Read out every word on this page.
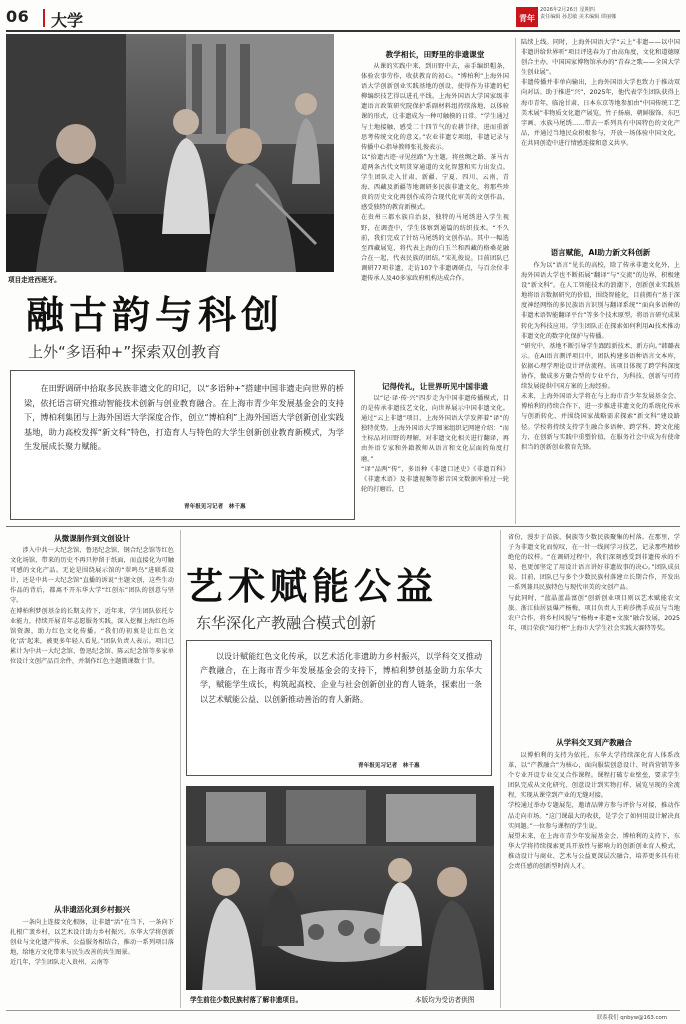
06 大学	青年
2026年2月26日 星期四
责任编辑 孙思敏 美术编辑 谭丽娜
项目走进西班牙。
融古韵与科创
上外“多语种+”探索双创教育
在田野调研中拾取多民族非遗文化的印记，以“多语种+”搭建中国非遗走向世界的桥梁，依托语言研究推动智能技术创新与创业教育融合。在上海市青少年发展基金会的支持下，博柏利集团与上海外国语大学深度合作，创立“博柏利”上海外国语大学创新创业实践基地，助力高校发挥“新文科”特色，打造育人与特色的大学生创新创业教育新模式，为学生发展成长聚力赋能。
青年报见习记者　林千惠
教学相长，田野里的非遗课堂
从课的实践中来，到田野中去，亲手编织帽条，体验农事劳作，收获教育的初心。“博柏利”上海外国语大学创新创业实践基地的创设，使得作为非遗的杞柳编织技艺得以进孔平线。上海外国语大学国家级非遗语言政策研究院保护系副材料组持续落地，以体验课的形式，让非遗成为一种可触摸的日常。“学生通过与土地接触，感受二十四节气的农耕节律，进而重新思考传统文化的意义。”农业非遗专项组，非遗记录与传播中心指导教师张礼俊表示。
以“拾遗古迹·寻见丝路”为主题，将丝绸之路、茶马古道两条古代文明贯穿通道的文化智慧和实力出发点。学生团队走入甘肃、新疆、宁夏、四川、云南、青海、西藏及新疆等地调研多民族非遗文化，将那些珍贵的历史文化再创作成符合现代化审美的文创作品，感受独特的教育新模式。
在贵州三都水族自治县，独特的马尾绣进入学生视野，在调查中，学生体察到通篇的纺织技术。“不久前，我们完成了针纺马尾绣的文创作品。其中一幅选至西藏展览，将代表上海的白玉兰和西藏的格桑花融合在一起，代表民族的团结。”宋礼俊说。目前团队已调研77项非遗，走访107个非遗调研点，与百余位非遗传承人及40多家政府机构达成合作。
记得传礼，让世界听见中国非遗
以“记·译·传·兴”四步走为中国非遗传播模式，目的是传承非遗技艺文化，向世界展示中国非遗文化。通过“云上非遗”项目，上海外国语大学发挥着“译”的独特优势。上海外国语大学图案组织记网建介绍：“而主标品对田野的理解，对非遗文化相关进行翻译，再由外语专家和外籍教师从语言和文化层面的角度打磨。”
“译”品两“传”，多语种《非遗口述史》《非遗百科》《非遗术语》及非遗视频等影音国文数据库验过一轮轮的打磨后，已
陆续上线。同时，上海外国语大学“云上”非遗——以中国非遗讲给世界听”项目评选春为了由高角度，文化和道德原创合主办，中国国家博物馆承办的“青春之歌——全国大学生创业展”。
非遗传播并非单向输出，上海外国语大学也致力于推动双向对话。助于推进“兴”，2025年，他代表学生团队获得上海市青年，临沧甘肃，日本东京等地参加由“中国传统工艺美术展”非物质文化遗产展览，竹子扬扇、朝鲜服饰、东巴字画、水族马尾绣……带去一系列具有中国特色的文化产品，并通过当地民众积极参与，开放一场体验中国文化，在共同创造中进行情感连接和意义共享。
语言赋能，AI助力新文科创新
作为以“语言”见长的高校，除了传承非遗文化外，上海外国语大学也不断拓展“翻译”与“交流”的边界，积极建设“新文科”。在人工智能技术的浪潮下，创新创业实践基地将语言数据研究的价值，围绕智能化，目前拥有“基于深度神经网络的多民族语言识别与翻译系统”“面向多语种的非遗术语智能翻译平台”等多个技术原型，将语言研究成果转化为科技应用。学生团队正在探索如何利用AI技术推动非遗文化的数字化保护与传播。
“研究中，基地不断引导学生跟踪新技术、新方向。”韩璐表示。在AI语言测评项目中，团队构建多语种语言文本库，依据心理学理论设计评估流程。该项目体现了跨学科深度协作，做成多方聚合型的专业平台，为科技、创新与可持续发展提供中国方案的上海经验。
未来，上海外国语大学将在与上海市青少年发展基金会、博柏利的持续合作下，进一步推进非遗文化的系统化传承与创新转化，并围绕国家战略需求探索“新文科”建设路径。学校将持续支持学生融合多语种、跨学科、跨文化能力，在创新与实践中重塑价值，在服务社会中成为有使命担当的创新创业教育先锋。
从微课制作到文创设计
涉入中共一大纪念馆、鲁迅纪念馆、钢合纪念馆等红色文化场馆，带来的历史不再只停留于纸面，而直接化为可触可感的文化产品。无论是围绕展示馆的“翠鸣鸟”进联系设计，还是中共一大纪念馆“直播的诉说”主题文创，这些生动作品的背后，都离不开东华大学“红创东”团队的创意与坚守。
在博柏利梦创基金的长期支持下，近年来，学生团队依托专业能力，持续开展青年志愿服务实践，深入挖掘上海红色场馆资源，助力红色文化传播。“我们的初衷是让红色文化‘活’起来，被更多年轻人看见。”团队负责人表示。项目已累计为中共一大纪念馆、鲁迅纪念馆、陈云纪念馆等多家单位设计文创产品百余件，并制作红色主题微课数十节。
从非遗活化到乡村振兴
一条向上连接文化根脉，让非遗“活”在当下，一条向下扎根广袤乡村，以艺术设计助力乡村振兴。东华大学将创新创业与文化遗产传承、公益服务相结合，推动一系列项目落地，给地方文化带来与民生改善的共生图景。
近几年，学生团队走入贵州、云南等
艺术赋能公益
东华深化产教融合模式创新
以设计赋能红色文化传承，以艺术活化非遗助力乡村振兴，以学科交叉推动产教融合，在上海市青少年发展基金会的支持下，博柏利梦创基金助力东华大学，赋能学生成长，构筑起高校、企业与社会创新创业的育人链条，探索出一条以艺术赋能公益、以创新推动善治的育人新路。
青年报见习记者　林千惠
学生前往少数民族村落了解非遗项目。	本版均为受访者供图
省份，漫步于苗族、侗族等少数民族聚集的村落。在那里，学子为非遗文化而惊叹，在一针一线间学习技艺，记录那些精妙绝伦的纹样。“在调研过程中，我们深刻感受到非遗传承的不易，也更加坚定了用设计语言讲好非遗故事的决心。”团队成员说。目前，团队已与多个少数民族村落建立长期合作，开发出一系列兼具民族特色与现代审美的文创产品。
与此同时，“蓝晶蓝晶富创”创新创业项目则以艺术赋能农文旅。浙江仙居县爆产杨梅，项目负责人王莉莎携手成员与当地农户合作，将乡村风貌与“杨梅+非遗+文旅”融合发展，2025年，项目荣获“知行杯”上海市大学生社会实践大赛特等奖。
从学科交叉到产教融合
以博柏利的支持为依托，东华大学持续深化育人体系改革，以“产教融合”为核心，面向服装创意设计、时尚营销等多个专业开设专业交叉合作课程。课程打破专业壁垒，要求学生团队完成从文化研究、创意设计到实物打样、展览呈现的全流程，实现从课堂到产业的无缝对接。
学校通过举办专题展览，邀请品牌方参与评价与对接，推动作品走向市场。“这门课最大的收获，是学会了如何用设计解决真实问题。”一位参与课程的学生说。
展望未来，在上海市青少年发展基金会、博柏利的支持下，东华大学将持续探索更具开放性与影响力的创新创业育人模式，推动设计与商业、艺术与公益更深层次融合，培养更多具有社会责任感的创新型时尚人才。
联系我们 qnbyw@163.com
